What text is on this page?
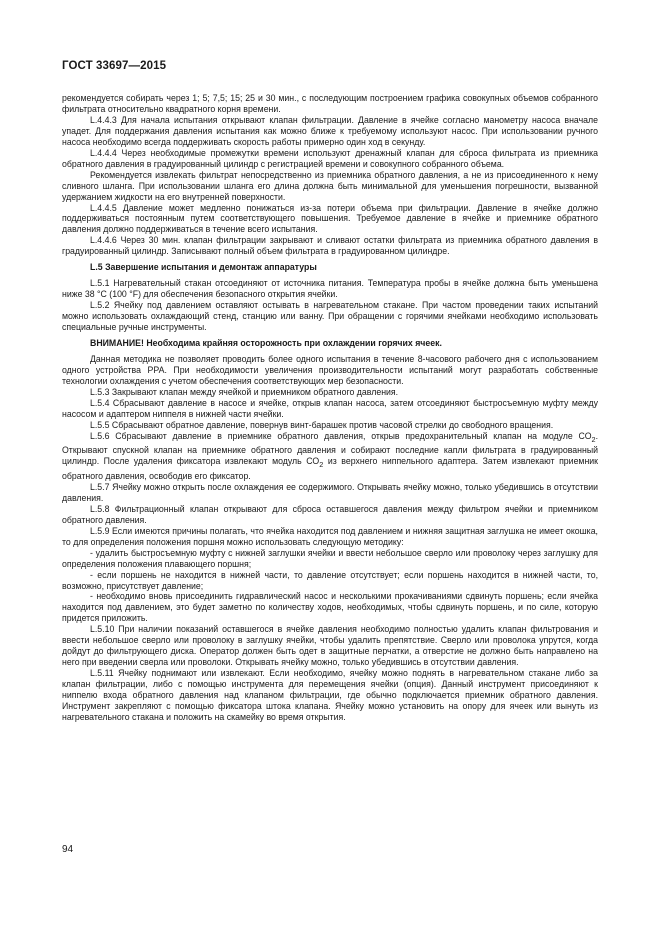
ГОСТ 33697—2015

рекомендуется собирать через 1; 5; 7,5; 15; 25 и 30 мин., с последующим построением графика совокупных объемов собранного фильтрата относительно квадратного корня времени.

L.4.4.3 Для начала испытания открывают клапан фильтрации. Давление в ячейке согласно манометру насоса вначале упадет. Для поддержания давления испытания как можно ближе к требуемому используют насос. При использовании ручного насоса необходимо всегда поддерживать скорость работы примерно один ход в секунду.

L.4.4.4 Через необходимые промежутки времени используют дренажный клапан для сброса фильтрата из приемника обратного давления в градуированный цилиндр с регистрацией времени и совокупного собранного объема.

Рекомендуется извлекать фильтрат непосредственно из приемника обратного давления, а не из присоединенного к нему сливного шланга. При использовании шланга его длина должна быть минимальной для уменьшения погрешности, вызванной удержанием жидкости на его внутренней поверхности.

L.4.4.5 Давление может медленно понижаться из-за потери объема при фильтрации. Давление в ячейке должно поддерживаться постоянным путем соответствующего повышения. Требуемое давление в ячейке и приемнике обратного давления должно поддерживаться в течение всего испытания.

L.4.4.6 Через 30 мин. клапан фильтрации закрывают и сливают остатки фильтрата из приемника обратного давления в градуированный цилиндр. Записывают полный объем фильтрата в градуированном цилиндре.

L.5 Завершение испытания и демонтаж аппаратуры

L.5.1 Нагревательный стакан отсоединяют от источника питания. Температура пробы в ячейке должна быть уменьшена ниже 38 °С (100 °F) для обеспечения безопасного открытия ячейки.

L.5.2 Ячейку под давлением оставляют остывать в нагревательном стакане. При частом проведении таких испытаний можно использовать охлаждающий стенд, станцию или ванну. При обращении с горячими ячейками необходимо использовать специальные ручные инструменты.

ВНИМАНИЕ! Необходима крайняя осторожность при охлаждении горячих ячеек.

Данная методика не позволяет проводить более одного испытания в течение 8-часового рабочего дня с использованием одного устройства РРА. При необходимости увеличения производительности испытаний могут разработать собственные технологии охлаждения с учетом обеспечения соответствующих мер безопасности.

L.5.3 Закрывают клапан между ячейкой и приемником обратного давления.

L.5.4 Сбрасывают давление в насосе и ячейке, открыв клапан насоса, затем отсоединяют быстросъемную муфту между насосом и адаптером ниппеля в нижней части ячейки.

L.5.5 Сбрасывают обратное давление, повернув винт-барашек против часовой стрелки до свободного вращения.

L.5.6 Сбрасывают давление в приемнике обратного давления, открыв предохранительный клапан на модуле $СО_2$. Открывают спускной клапан на приемнике обратного давления и собирают последние капли фильтрата в градуированный цилиндр. После удаления фиксатора извлекают модуль $СО_2$ из верхнего ниппельного адаптера. Затем извлекают приемник обратного давления, освободив его фиксатор.

L.5.7 Ячейку можно открыть после охлаждения ее содержимого. Открывать ячейку можно, только убедившись в отсутствии давления.

L.5.8 Фильтрационный клапан открывают для сброса оставшегося давления между фильтром ячейки и приемником обратного давления.

L.5.9 Если имеются причины полагать, что ячейка находится под давлением и нижняя защитная заглушка не имеет окошка, то для определения положения поршня можно использовать следующую методику:

- удалить быстросъемную муфту с нижней заглушки ячейки и ввести небольшое сверло или проволоку через заглушку для определения положения плавающего поршня;

- если поршень не находится в нижней части, то давление отсутствует; если поршень находится в нижней части, то, возможно, присутствует давление;

- необходимо вновь присоединить гидравлический насос и несколькими прокачиваниями сдвинуть поршень; если ячейка находится под давлением, это будет заметно по количеству ходов, необходимых, чтобы сдвинуть поршень, и по силе, которую придется приложить.

L.5.10 При наличии показаний оставшегося в ячейке давления необходимо полностью удалить клапан фильтрования и ввести небольшое сверло или проволоку в заглушку ячейки, чтобы удалить препятствие. Сверло или проволока упрутся, когда дойдут до фильтрующего диска. Оператор должен быть одет в защитные перчатки, а отверстие не должно быть направлено на него при введении сверла или проволоки. Открывать ячейку можно, только убедившись в отсутствии давления.

L.5.11 Ячейку поднимают или извлекают. Если необходимо, ячейку можно поднять в нагревательном стакане либо за клапан фильтрации, либо с помощью инструмента для перемещения ячейки (опция). Данный инструмент присоединяют к ниппелю входа обратного давления над клапаном фильтрации, где обычно подключается приемник обратного давления. Инструмент закрепляют с помощью фиксатора штока клапана. Ячейку можно установить на опору для ячеек или вынуть из нагревательного стакана и положить на скамейку во время открытия.

94
